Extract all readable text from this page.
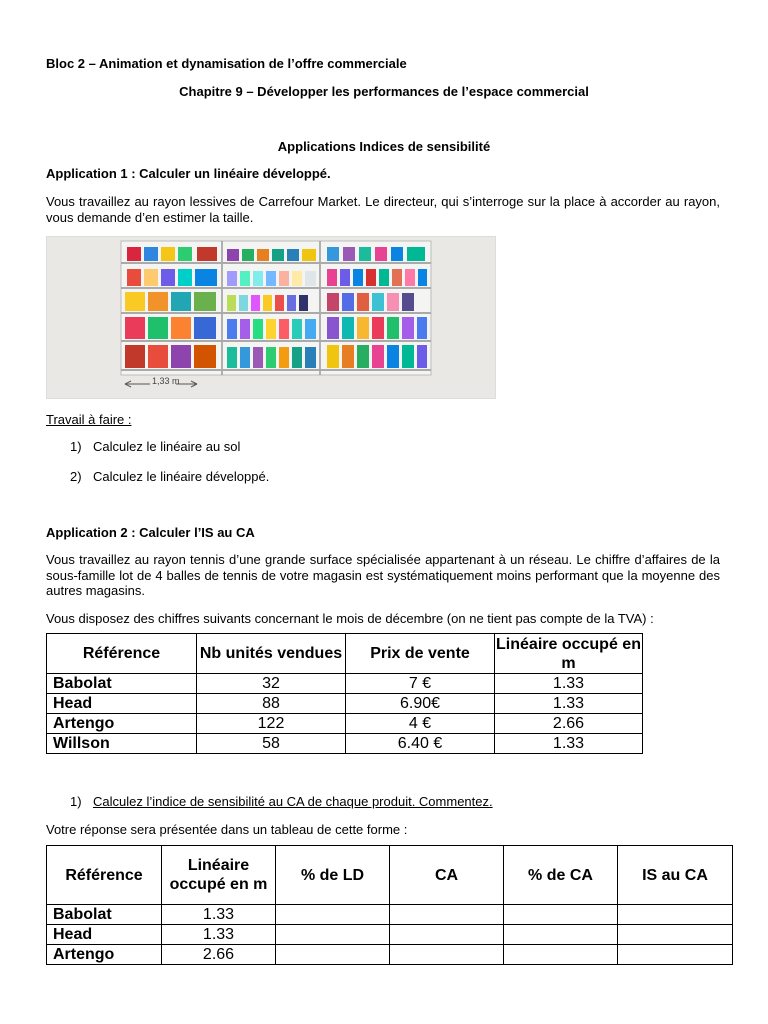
Bloc 2 – Animation et dynamisation de l’offre commerciale
Chapitre 9 – Développer les performances de l’espace commercial
Applications Indices de sensibilité
Application 1 : Calculer un linéaire développé.
Vous travaillez au rayon lessives de Carrefour Market. Le directeur, qui s’interroge sur la place à accorder au rayon, vous demande d’en estimer la taille.
1,33 m
Travail à faire :
1) Calculez le linéaire au sol
2) Calculez le linéaire développé.
Application 2 : Calculer l’IS au CA
Vous travaillez au rayon tennis d’une grande surface spécialisée appartenant à un réseau. Le chiffre d’affaires de la sous-famille lot de 4 balles de tennis de votre magasin est systématiquement moins performant que la moyenne des autres magasins.
Vous disposez des chiffres suivants concernant le mois de décembre (on ne tient pas compte de la TVA) :
Référence	Nb unités vendues	Prix de vente	Linéaire occupé en m
Babolat	32	7 €	1.33
Head	88	6.90€	1.33
Artengo	122	4 €	2.66
Willson	58	6.40 €	1.33
1) Calculez l’indice de sensibilité au CA de chaque produit. Commentez.
Votre réponse sera présentée dans un tableau de cette forme :
Référence	Linéaire occupé en m	% de LD	CA	% de CA	IS au CA
Babolat	1.33				
Head	1.33				
Artengo	2.66				
